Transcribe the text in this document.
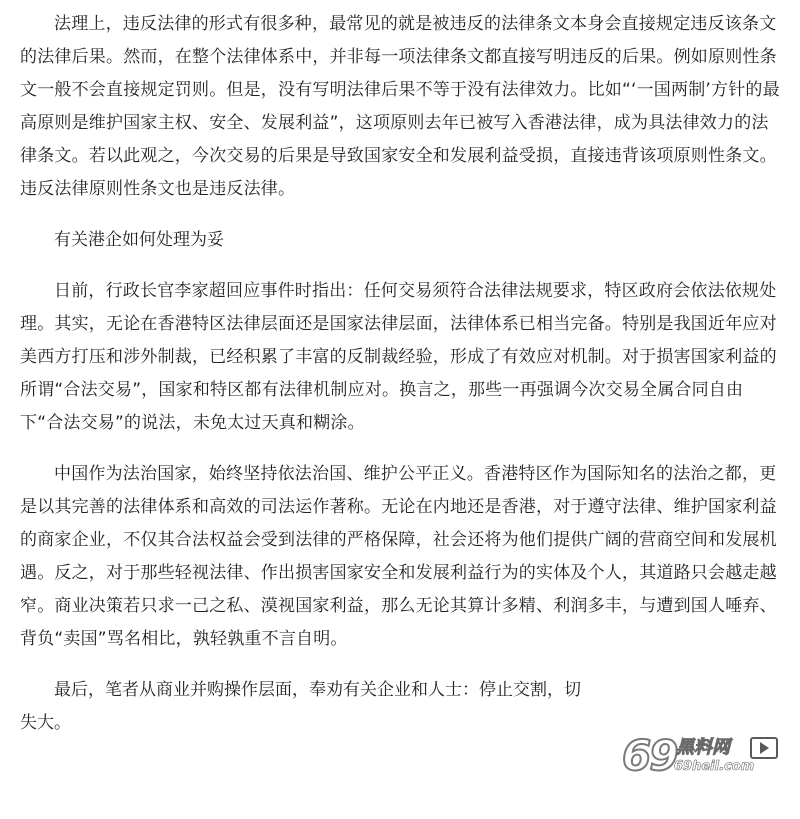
法理上，违反法律的形式有很多种，最常见的就是被违反的法律条文本身会直接规定违反该条文的法律后果。然而，在整个法律体系中，并非每一项法律条文都直接写明违反的后果。例如原则性条文一般不会直接规定罚则。但是，没有写明法律后果不等于没有法律效力。比如“‘一国两制’方针的最高原则是维护国家主权、安全、发展利益”，这项原则去年已被写入香港法律，成为具法律效力的法律条文。若以此观之，今次交易的后果是导致国家安全和发展利益受损，直接违背该项原则性条文。违反法律原则性条文也是违反法律。

有关港企如何处理为妥

日前，行政长官李家超回应事件时指出：任何交易须符合法律法规要求，特区政府会依法依规处理。其实，无论在香港特区法律层面还是国家法律层面，法律体系已相当完备。特别是我国近年应对美西方打压和涉外制裁，已经积累了丰富的反制裁经验，形成了有效应对机制。对于损害国家利益的所谓“合法交易”，国家和特区都有法律机制应对。换言之，那些一再强调今次交易全属合同自由下“合法交易”的说法，未免太过天真和糊涂。

中国作为法治国家，始终坚持依法治国、维护公平正义。香港特区作为国际知名的法治之都，更是以其完善的法律体系和高效的司法运作著称。无论在内地还是香港，对于遵守法律、维护国家利益的商家企业，不仅其合法权益会受到法律的严格保障，社会还将为他们提供广阔的营商空间和发展机遇。反之，对于那些轻视法律、作出损害国家安全和发展利益行为的实体及个人，其道路只会越走越窄。商业决策若只求一己之私、漠视国家利益，那么无论其算计多精、利润多丰，与遭到国人唾弃、背负“卖国”骂名相比，孰轻孰重不言自明。

最后，笔者从商业并购操作层面，奉劝有关企业和人士：停止交割，切

失大。

69 黑料网
69heil.com
